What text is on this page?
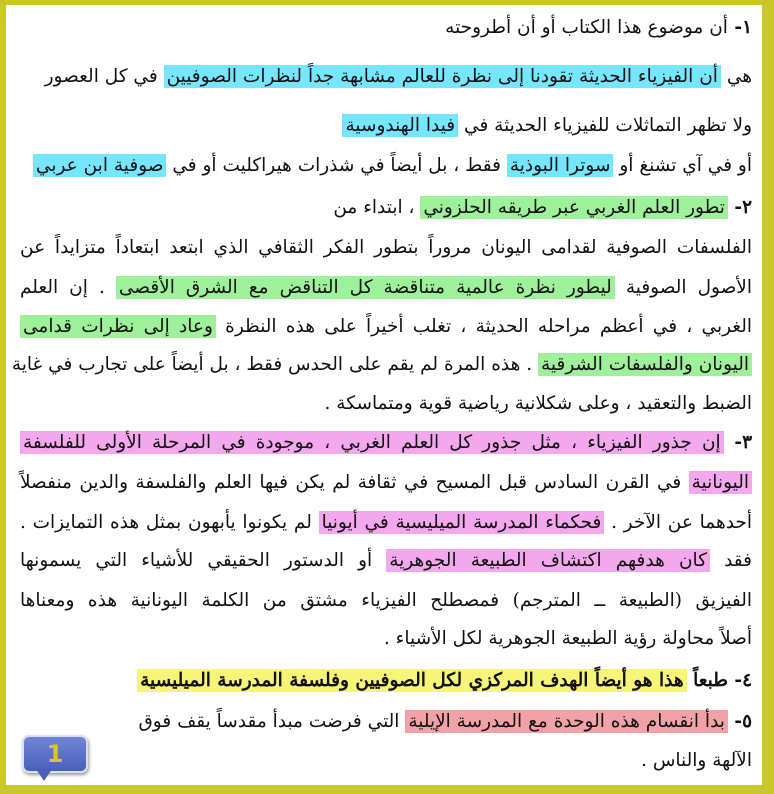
١- أن موضوع هذا الكتاب أو أن أطروحته
هي أن الفيزياء الحديثة تقودنا إلى نظرة للعالم مشابهة جداً لنظرات الصوفيين في كل العصور
ولا تظهر التماثلات للفيزياء الحديثة في فيدا الهندوسية
أو في آي تشنغ أو سوترا البوذية فقط ، بل أيضاً في شذرات هيراكليت أو في صوفية ابن عربي
٢- تطور العلم الغربي عبر طريقه الحلزوني ، ابتداء من
الفلسفات الصوفية لقدامى اليونان مروراً بتطور الفكر الثقافي الذي ابتعد ابتعاداً متزايداً عن
الأصول الصوفية ليطور نظرة عالمية متناقضة كل التناقض مع الشرق الأقصى . إن العلم
الغربي ، في أعظم مراحله الحديثة ، تغلب أخيراً على هذه النظرة وعاد إلى نظرات قدامى
اليونان والفلسفات الشرقية . هذه المرة لم يقم على الحدس فقط ، بل أيضاً على تجارب في غاية
الضبط والتعقيد ، وعلى شكلانية رياضية قوية ومتماسكة .
٣- إن جذور الفيزياء ، مثل جذور كل العلم الغربي ، موجودة في المرحلة الأولى للفلسفة
اليونانية في القرن السادس قبل المسيح في ثقافة لم يكن فيها العلم والفلسفة والدين منفصلاً
أحدهما عن الآخر . فحكماء المدرسة الميليسية في أيونيا لم يكونوا يأبهون بمثل هذه التمايزات .
فقد كان هدفهم اكتشاف الطبيعة الجوهرية أو الدستور الحقيقي للأشياء التي يسمونها
الفيزيق (الطبيعة ــ المترجم) فمصطلح الفيزياء مشتق من الكلمة اليونانية هذه ومعناها
أصلاً محاولة رؤية الطبيعة الجوهرية لكل الأشياء .
٤- طبعاً هذا هو أيضاً الهدف المركزي لكل الصوفيين وفلسفة المدرسة الميليسية
٥- بدأ انقسام هذه الوحدة مع المدرسة الإيلية التي فرضت مبدأ مقدساً يقف فوق
الآلهة والناس .
1
